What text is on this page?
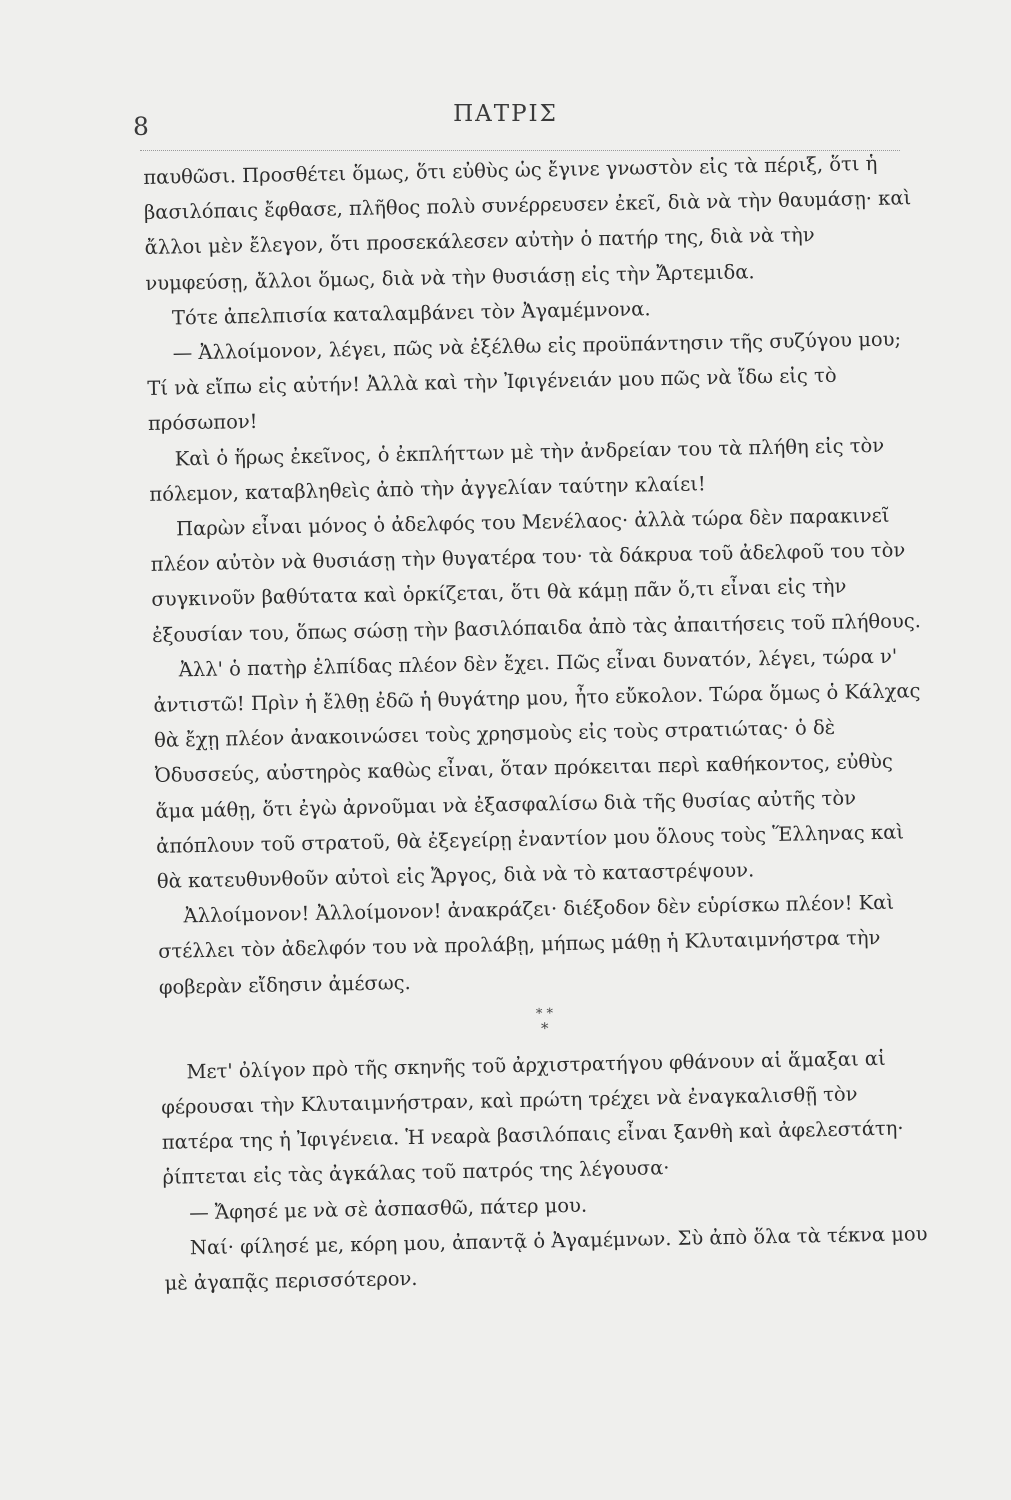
8	ΠΑΤΡΙΣ

παυθῶσι. Προσθέτει ὅμως, ὅτι εὐθὺς ὡς ἔγινε γνωστὸν εἰς τὰ πέριξ, ὅτι ἡ βασιλόπαις ἔφθασε, πλῆθος πολὺ συνέρρευσεν ἐκεῖ, διὰ νὰ τὴν θαυμάσῃ· καὶ ἄλλοι μὲν ἔλεγον, ὅτι προσεκάλεσεν αὐτὴν ὁ πατήρ της, διὰ νὰ τὴν νυμφεύσῃ, ἄλλοι ὅμως, διὰ νὰ τὴν θυσιάσῃ εἰς τὴν Ἄρτεμιδα.

Τότε ἀπελπισία καταλαμβάνει τὸν Ἀγαμέμνονα.

— Ἀλλοίμονον, λέγει, πῶς νὰ ἐξέλθω εἰς προϋπάντησιν τῆς συζύγου μου; Τί νὰ εἴπω εἰς αὐτήν! Ἀλλὰ καὶ τὴν Ἰφιγένειάν μου πῶς νὰ ἴδω εἰς τὸ πρόσωπον!

Καὶ ὁ ἥρως ἐκεῖνος, ὁ ἐκπλήττων μὲ τὴν ἀνδρείαν του τὰ πλήθη εἰς τὸν πόλεμον, καταβληθεὶς ἀπὸ τὴν ἀγγελίαν ταύτην κλαίει!

Παρὼν εἶναι μόνος ὁ ἀδελφός του Μενέλαος· ἀλλὰ τώρα δὲν παρακινεῖ πλέον αὐτὸν νὰ θυσιάσῃ τὴν θυγατέρα του· τὰ δάκρυα τοῦ ἀδελφοῦ του τὸν συγκινοῦν βαθύτατα καὶ ὁρκίζεται, ὅτι θὰ κάμῃ πᾶν ὅ,τι εἶναι εἰς τὴν ἐξουσίαν του, ὅπως σώσῃ τὴν βασιλόπαιδα ἀπὸ τὰς ἀπαιτήσεις τοῦ πλήθους.

Ἀλλ' ὁ πατὴρ ἐλπίδας πλέον δὲν ἔχει. Πῶς εἶναι δυνατόν, λέγει, τώρα ν' ἀντιστῶ! Πρὶν ἡ ἔλθῃ ἐδῶ ἡ θυγάτηρ μου, ἦτο εὔκολον. Τώρα ὅμως ὁ Κάλχας θὰ ἔχῃ πλέον ἀνακοινώσει τοὺς χρησμοὺς εἰς τοὺς στρατιώτας· ὁ δὲ Ὀδυσσεύς, αὐστηρὸς καθὼς εἶναι, ὅταν πρόκειται περὶ καθήκοντος, εὐθὺς ἅμα μάθῃ, ὅτι ἐγὼ ἀρνοῦμαι νὰ ἐξασφαλίσω διὰ τῆς θυσίας αὐτῆς τὸν ἀπόπλουν τοῦ στρατοῦ, θὰ ἐξεγείρῃ ἐναντίον μου ὅλους τοὺς Ἕλληνας καὶ θὰ κατευθυνθοῦν αὐτοὶ εἰς Ἄργος, διὰ νὰ τὸ καταστρέψουν.

Ἀλλοίμονον! Ἀλλοίμονον! ἀνακράζει· διέξοδον δὲν εὑρίσκω πλέον! Καὶ στέλλει τὸν ἀδελφόν του νὰ προλάβῃ, μήπως μάθῃ ἡ Κλυταιμνήστρα τὴν φοβερὰν εἴδησιν ἀμέσως.

* *
*

Μετ' ὀλίγον πρὸ τῆς σκηνῆς τοῦ ἀρχιστρατήγου φθάνουν αἱ ἅμαξαι αἱ φέρουσαι τὴν Κλυταιμνήστραν, καὶ πρώτη τρέχει νὰ ἐναγκαλισθῇ τὸν πατέρα της ἡ Ἰφιγένεια. Ἡ νεαρὰ βασιλόπαις εἶναι ξανθὴ καὶ ἀφελεστάτη· ῥίπτεται εἰς τὰς ἀγκάλας τοῦ πατρός της λέγουσα·

— Ἄφησέ με νὰ σὲ ἀσπασθῶ, πάτερ μου.

Ναί· φίλησέ με, κόρη μου, ἀπαντᾷ ὁ Ἀγαμέμνων. Σὺ ἀπὸ ὅλα τὰ τέκνα μου μὲ ἀγαπᾷς περισσότερον.
